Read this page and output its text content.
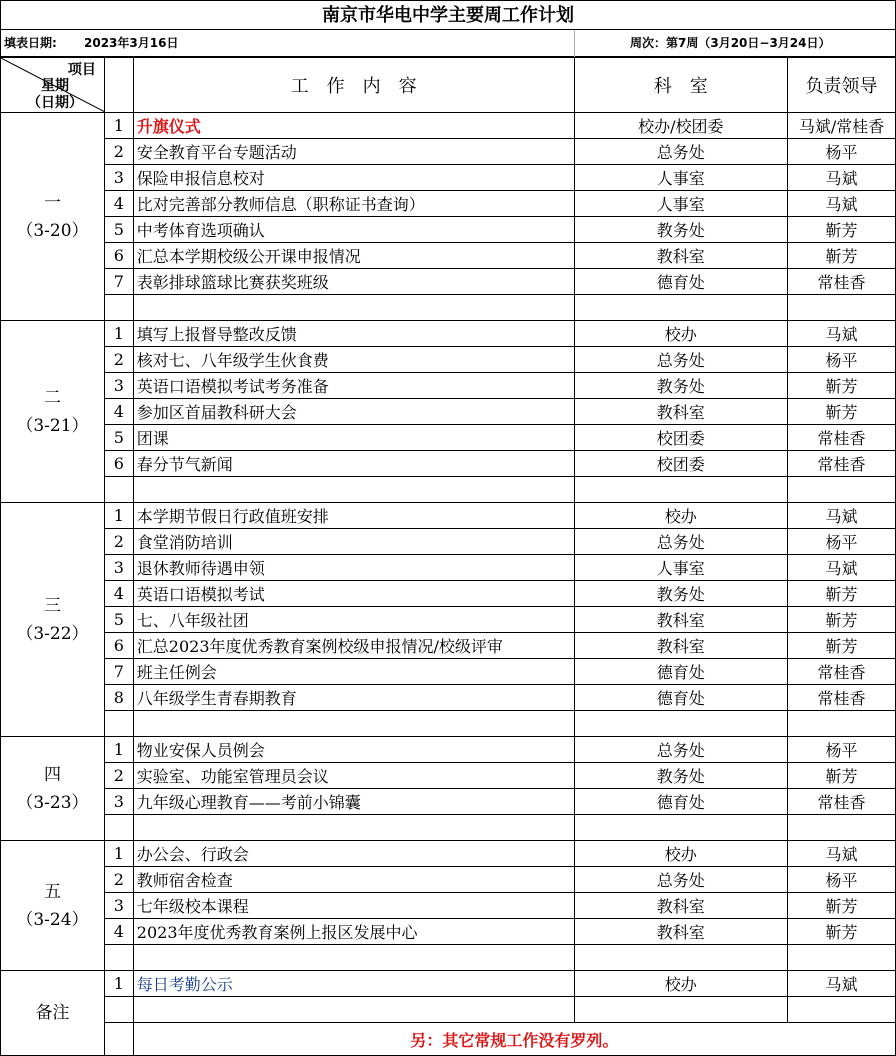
南京市华电中学主要周工作计划
填表日期: 2023年3月16日	周次：第7周（3月20日−3月24日）
项目
星期
（日期）		工　作　内　容	科　室	负责领导

一
（3-20）	1	升旗仪式	校办/校团委	马斌/常桂香
	2	安全教育平台专题活动	总务处	杨平
	3	保险申报信息校对	人事室	马斌
	4	比对完善部分教师信息（职称证书查询）	人事室	马斌
	5	中考体育选项确认	教务处	靳芳
	6	汇总本学期校级公开课申报情况	教科室	靳芳
	7	表彰排球篮球比赛获奖班级	德育处	常桂香

二
（3-21）	1	填写上报督导整改反馈	校办	马斌
	2	核对七、八年级学生伙食费	总务处	杨平
	3	英语口语模拟考试考务准备	教务处	靳芳
	4	参加区首届教科研大会	教科室	靳芳
	5	团课	校团委	常桂香
	6	春分节气新闻	校团委	常桂香

三
（3-22）	1	本学期节假日行政值班安排	校办	马斌
	2	食堂消防培训	总务处	杨平
	3	退休教师待遇申领	人事室	马斌
	4	英语口语模拟考试	教务处	靳芳
	5	七、八年级社团	教科室	靳芳
	6	汇总2023年度优秀教育案例校级申报情况/校级评审	教科室	靳芳
	7	班主任例会	德育处	常桂香
	8	八年级学生青春期教育	德育处	常桂香

四
（3-23）	1	物业安保人员例会	总务处	杨平
	2	实验室、功能室管理员会议	教务处	靳芳
	3	九年级心理教育——考前小锦囊	德育处	常桂香

五
（3-24）	1	办公会、行政会	校办	马斌
	2	教师宿舍检查	总务处	杨平
	3	七年级校本课程	教科室	靳芳
	4	2023年度优秀教育案例上报区发展中心	教科室	靳芳

备注	1	每日考勤公示	校办	马斌

		另：其它常规工作没有罗列。		
